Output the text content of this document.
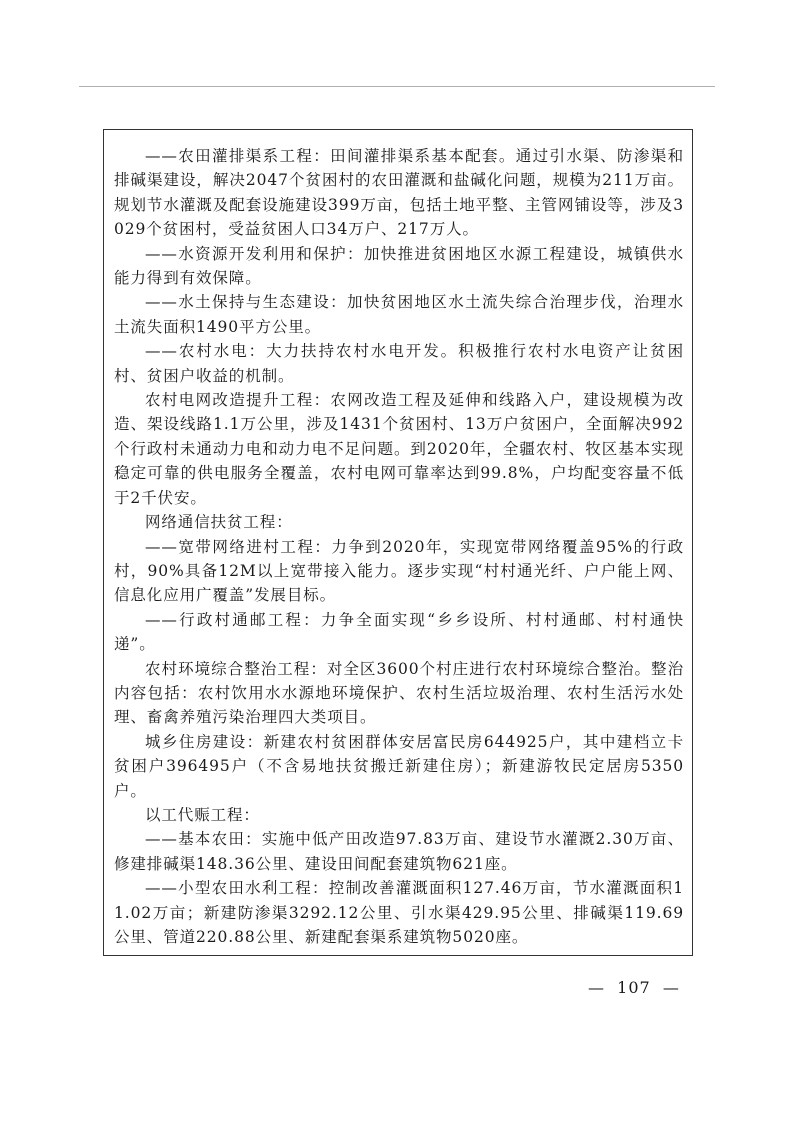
——农田灌排渠系工程：田间灌排渠系基本配套。通过引水渠、防渗渠和排碱渠建设，解决2047个贫困村的农田灌溉和盐碱化问题，规模为211万亩。规划节水灌溉及配套设施建设399万亩，包括土地平整、主管网铺设等，涉及3029个贫困村，受益贫困人口34万户、217万人。

——水资源开发利用和保护：加快推进贫困地区水源工程建设，城镇供水能力得到有效保障。

——水土保持与生态建设：加快贫困地区水土流失综合治理步伐，治理水土流失面积1490平方公里。

——农村水电：大力扶持农村水电开发。积极推行农村水电资产让贫困村、贫困户收益的机制。

农村电网改造提升工程：农网改造工程及延伸和线路入户，建设规模为改造、架设线路1.1万公里，涉及1431个贫困村、13万户贫困户，全面解决992个行政村未通动力电和动力电不足问题。到2020年，全疆农村、牧区基本实现稳定可靠的供电服务全覆盖，农村电网可靠率达到99.8%，户均配变容量不低于2千伏安。

网络通信扶贫工程：

——宽带网络进村工程：力争到2020年，实现宽带网络覆盖95%的行政村，90%具备12M以上宽带接入能力。逐步实现“村村通光纤、户户能上网、信息化应用广覆盖”发展目标。

——行政村通邮工程：力争全面实现“乡乡设所、村村通邮、村村通快递”。

农村环境综合整治工程：对全区3600个村庄进行农村环境综合整治。整治内容包括：农村饮用水水源地环境保护、农村生活垃圾治理、农村生活污水处理、畜禽养殖污染治理四大类项目。

城乡住房建设：新建农村贫困群体安居富民房644925户，其中建档立卡贫困户396495户（不含易地扶贫搬迁新建住房）；新建游牧民定居房5350户。

以工代赈工程：

——基本农田：实施中低产田改造97.83万亩、建设节水灌溉2.30万亩、修建排碱渠148.36公里、建设田间配套建筑物621座。

——小型农田水利工程：控制改善灌溉面积127.46万亩，节水灌溉面积11.02万亩；新建防渗渠3292.12公里、引水渠429.95公里、排碱渠119.69公里、管道220.88公里、新建配套渠系建筑物5020座。

—  107  —
